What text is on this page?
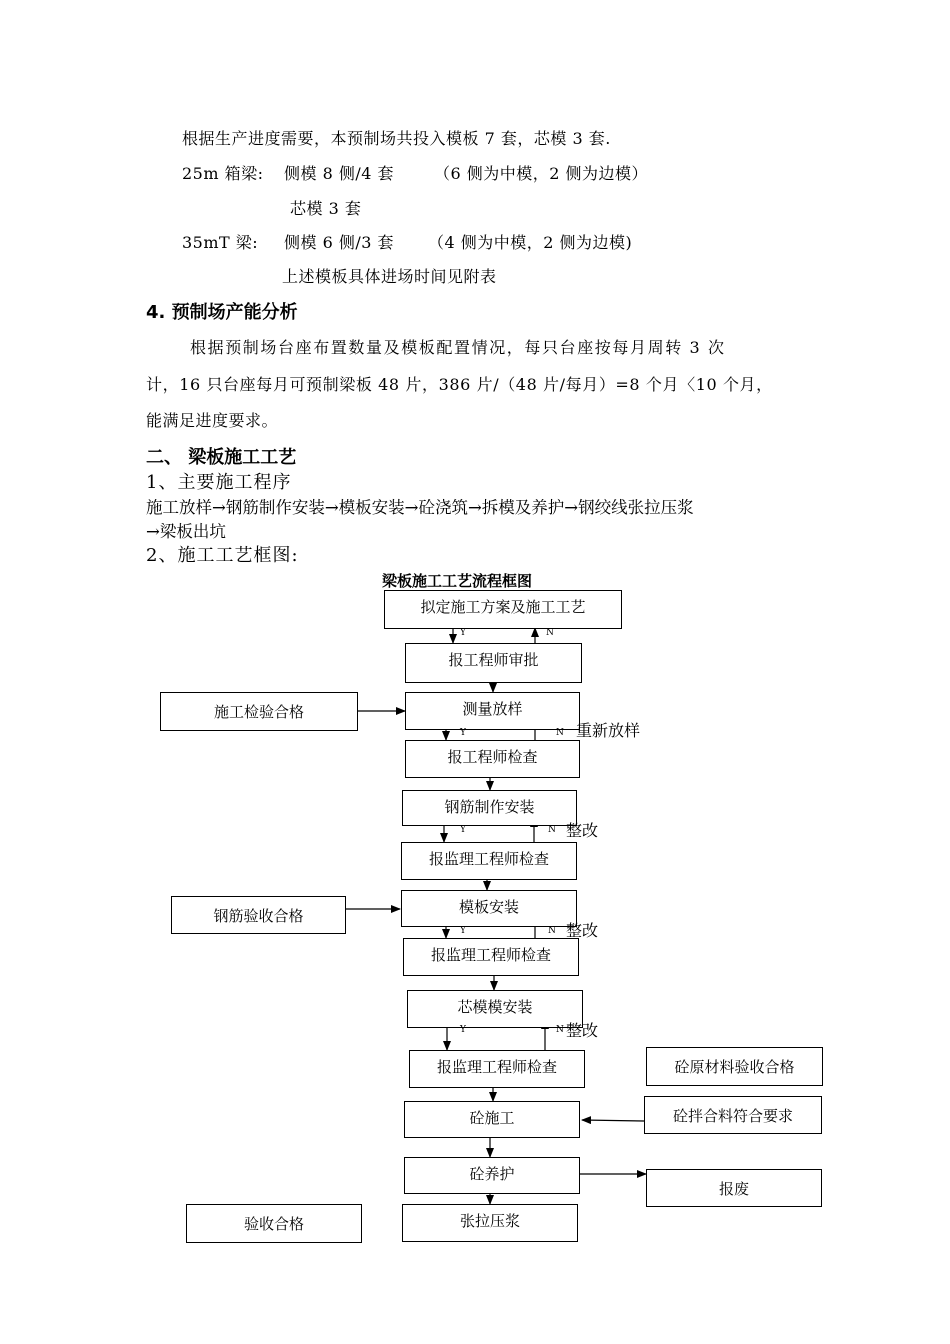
根据生产进度需要，本预制场共投入模板 7 套，芯模 3 套.
25m 箱梁: 侧模 8 侧/4 套 （6 侧为中模，2 侧为边模）
芯模 3 套
35mT 梁: 侧模 6 侧/3 套 （4 侧为中模，2 侧为边模)
上述模板具体进场时间见附表
4. 预制场产能分析
根据预制场台座布置数量及模板配置情况，每只台座按每月周转 3 次
计，16 只台座每月可预制梁板 48 片，386 片/（48 片/每月）=8 个月〈10 个月，
能满足进度要求。
二、 梁板施工工艺
1、主要施工程序
施工放样→钢筋制作安装→模板安装→砼浇筑→拆模及养护→钢绞线张拉压浆
→梁板出坑
2、施工工艺框图:
梁板施工工艺流程框图
拟定施工方案及施工工艺
报工程师审批
测量放样
报工程师检查
钢筋制作安装
报监理工程师检查
模板安装
报监理工程师检查
芯模模安装
报监理工程师检查
砼施工
砼养护
张拉压浆
施工检验合格
钢筋验收合格
砼原材料验收合格
砼拌合料符合要求
报废
验收合格
Y	N
Y	N
Y	N
Y	N
Y	N
重新放样
整改
整改
整改
